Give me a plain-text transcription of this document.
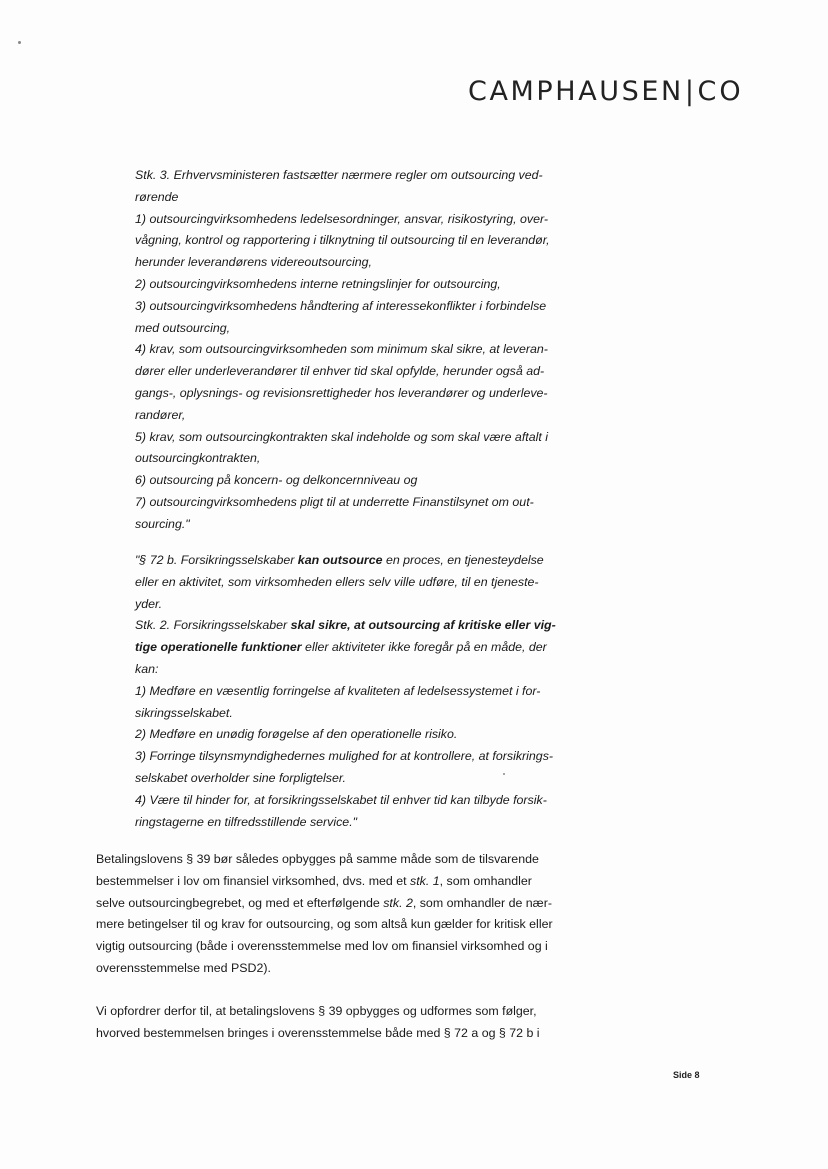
CAMPHAUSEN|CO

Stk. 3. Erhvervsministeren fastsætter nærmere regler om outsourcing ved-

rørende

1) outsourcingvirksomhedens ledelsesordninger, ansvar, risikostyring, over-

vågning, kontrol og rapportering i tilknytning til outsourcing til en leverandør,

herunder leverandørens videreoutsourcing,

2) outsourcingvirksomhedens interne retningslinjer for outsourcing,

3) outsourcingvirksomhedens håndtering af interessekonflikter i forbindelse

med outsourcing,

4) krav, som outsourcingvirksomheden som minimum skal sikre, at leveran-

dører eller underleverandører til enhver tid skal opfylde, herunder også ad-

gangs-, oplysnings- og revisionsrettigheder hos leverandører og underleve-

randører,

5) krav, som outsourcingkontrakten skal indeholde og som skal være aftalt i

outsourcingkontrakten,

6) outsourcing på koncern- og delkoncernniveau og

7) outsourcingvirksomhedens pligt til at underrette Finanstilsynet om out-

sourcing."

"§ 72 b. Forsikringsselskaber kan outsource en proces, en tjenesteydelse

eller en aktivitet, som virksomheden ellers selv ville udføre, til en tjeneste-

yder.

Stk. 2. Forsikringsselskaber skal sikre, at outsourcing af kritiske eller vig-

tige operationelle funktioner eller aktiviteter ikke foregår på en måde, der

kan:

1) Medføre en væsentlig forringelse af kvaliteten af ledelsessystemet i for-

sikringsselskabet.

2) Medføre en unødig forøgelse af den operationelle risiko.

3) Forringe tilsynsmyndighedernes mulighed for at kontrollere, at forsikrings-

selskabet overholder sine forpligtelser.

4) Være til hinder for, at forsikringsselskabet til enhver tid kan tilbyde forsik-

ringstagerne en tilfredsstillende service."

Betalingslovens § 39 bør således opbygges på samme måde som de tilsvarende

bestemmelser i lov om finansiel virksomhed, dvs. med et stk. 1, som omhandler

selve outsourcingbegrebet, og med et efterfølgende stk. 2, som omhandler de nær-

mere betingelser til og krav for outsourcing, og som altså kun gælder for kritisk eller

vigtig outsourcing (både i overensstemmelse med lov om finansiel virksomhed og i

overensstemmelse med PSD2).

Vi opfordrer derfor til, at betalingslovens § 39 opbygges og udformes som følger,

hvorved bestemmelsen bringes i overensstemmelse både med § 72 a og § 72 b i

Side 8
